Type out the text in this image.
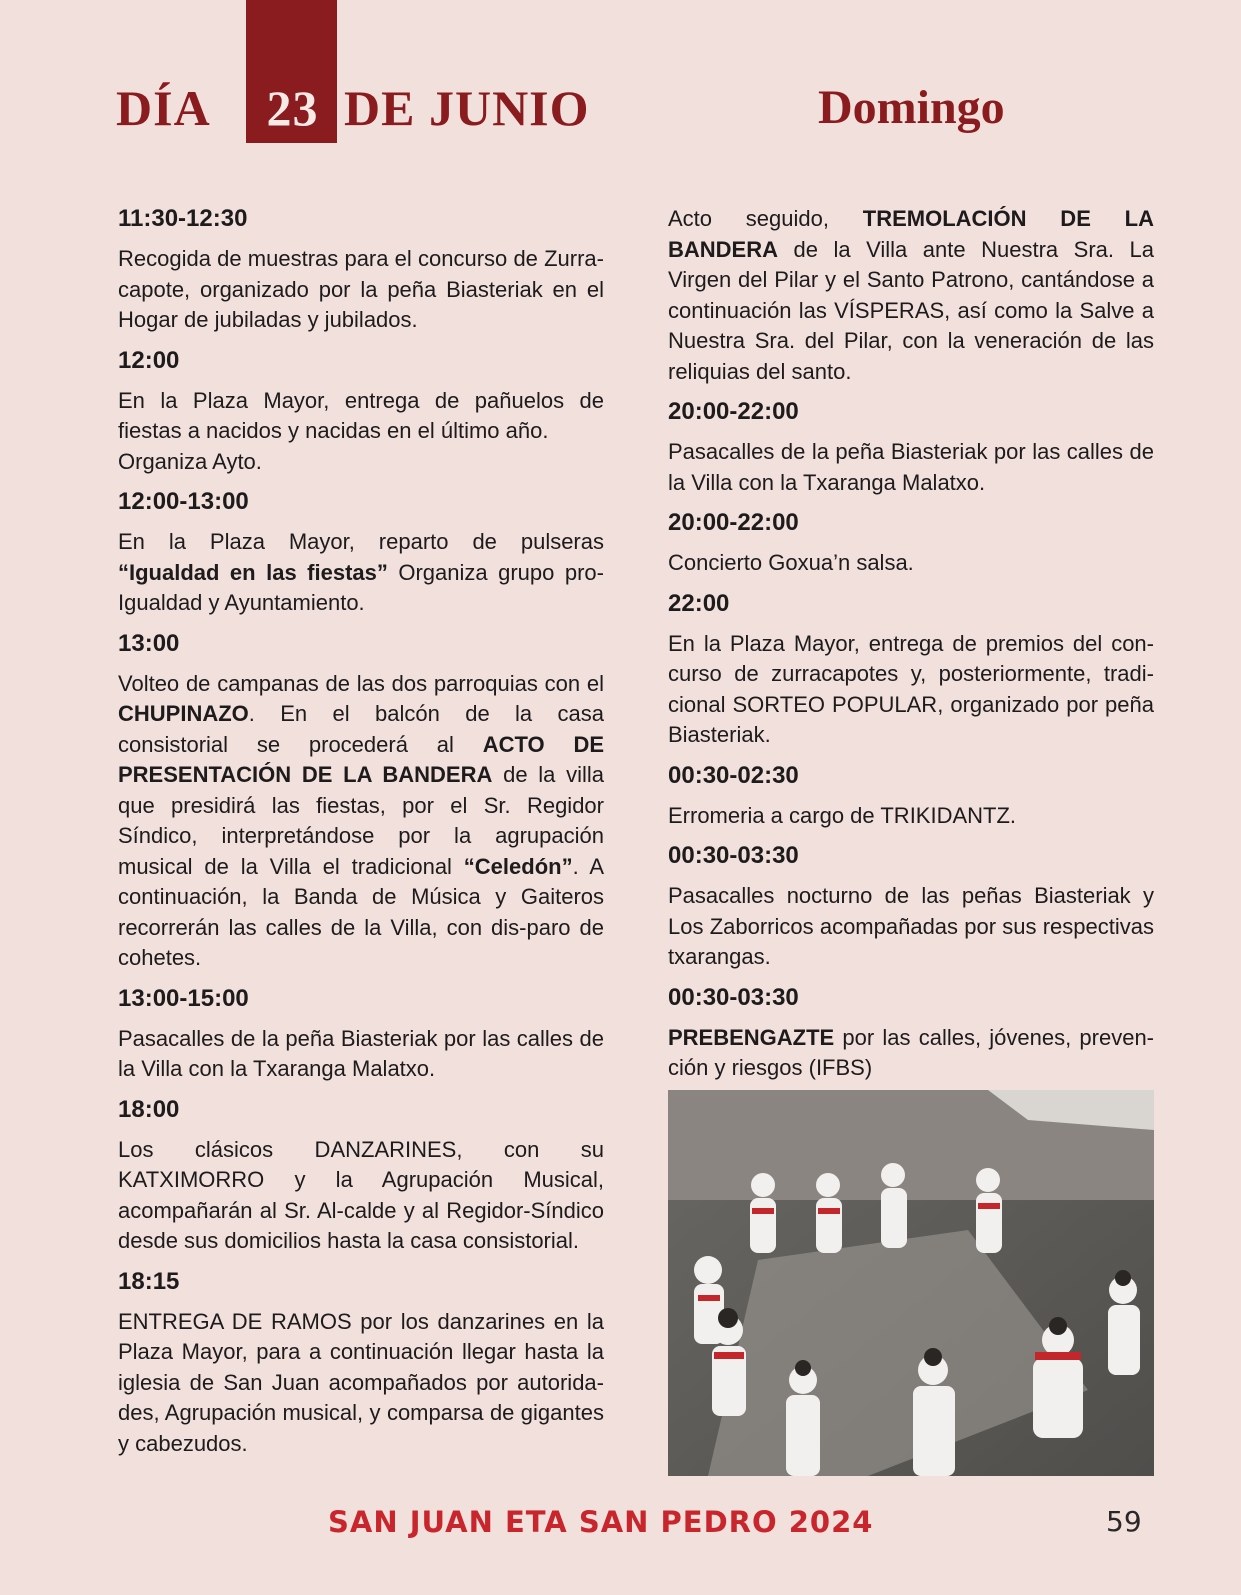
DÍA	23 DE JUNIO	Domingo
11:30-12:30

Recogida de muestras para el concurso de Zurra-capote, organizado por la peña Biasteriak en el Hogar de jubiladas y jubilados.

12:00

En la Plaza Mayor, entrega de pañuelos de fiestas a nacidos y nacidas en el último año.
Organiza Ayto.

12:00-13:00

En la Plaza Mayor, reparto de pulseras “Igualdad en las fiestas” Organiza grupo pro-Igualdad y Ayuntamiento.

13:00

Volteo de campanas de las dos parroquias con el CHUPINAZO. En el balcón de la casa consistorial se procederá al ACTO DE PRESENTACIÓN DE LA BANDERA de la villa que presidirá las fiestas, por el Sr. Regidor Síndico, interpretándose por la agrupación musical de la Villa el tradicional “Celedón”. A continuación, la Banda de Música y Gaiteros recorrerán las calles de la Villa, con dis-paro de cohetes.

13:00-15:00

Pasacalles de la peña Biasteriak por las calles de la Villa con la Txaranga Malatxo.

18:00

Los clásicos DANZARINES, con su KATXIMORRO y la Agrupación Musical, acompañarán al Sr. Al-calde y al Regidor-Síndico desde sus domicilios hasta la casa consistorial.

18:15

ENTREGA DE RAMOS por los danzarines en la Plaza Mayor, para a continuación llegar hasta la iglesia de San Juan acompañados por autorida-des, Agrupación musical, y comparsa de gigantes y cabezudos.

Acto seguido, TREMOLACIÓN DE LA BANDERA de la Villa ante Nuestra Sra. La Virgen del Pilar y el Santo Patrono, cantándose a continuación las VÍSPERAS, así como la Salve a Nuestra Sra. del Pilar, con la veneración de las reliquias del santo.

20:00-22:00

Pasacalles de la peña Biasteriak por las calles de la Villa con la Txaranga Malatxo.

20:00-22:00

Concierto Goxua’n salsa.

22:00

En la Plaza Mayor, entrega de premios del con-curso de zurracapotes y, posteriormente, tradi-cional SORTEO POPULAR, organizado por peña Biasteriak.

00:30-02:30

Erromeria a cargo de TRIKIDANTZ.

00:30-03:30

Pasacalles nocturno de las peñas Biasteriak y Los Zaborricos acompañadas por sus respectivas txarangas.

00:30-03:30

PREBENGAZTE por las calles, jóvenes, preven-ción y riesgos (IFBS)

SAN JUAN ETA SAN PEDRO 2024	59
